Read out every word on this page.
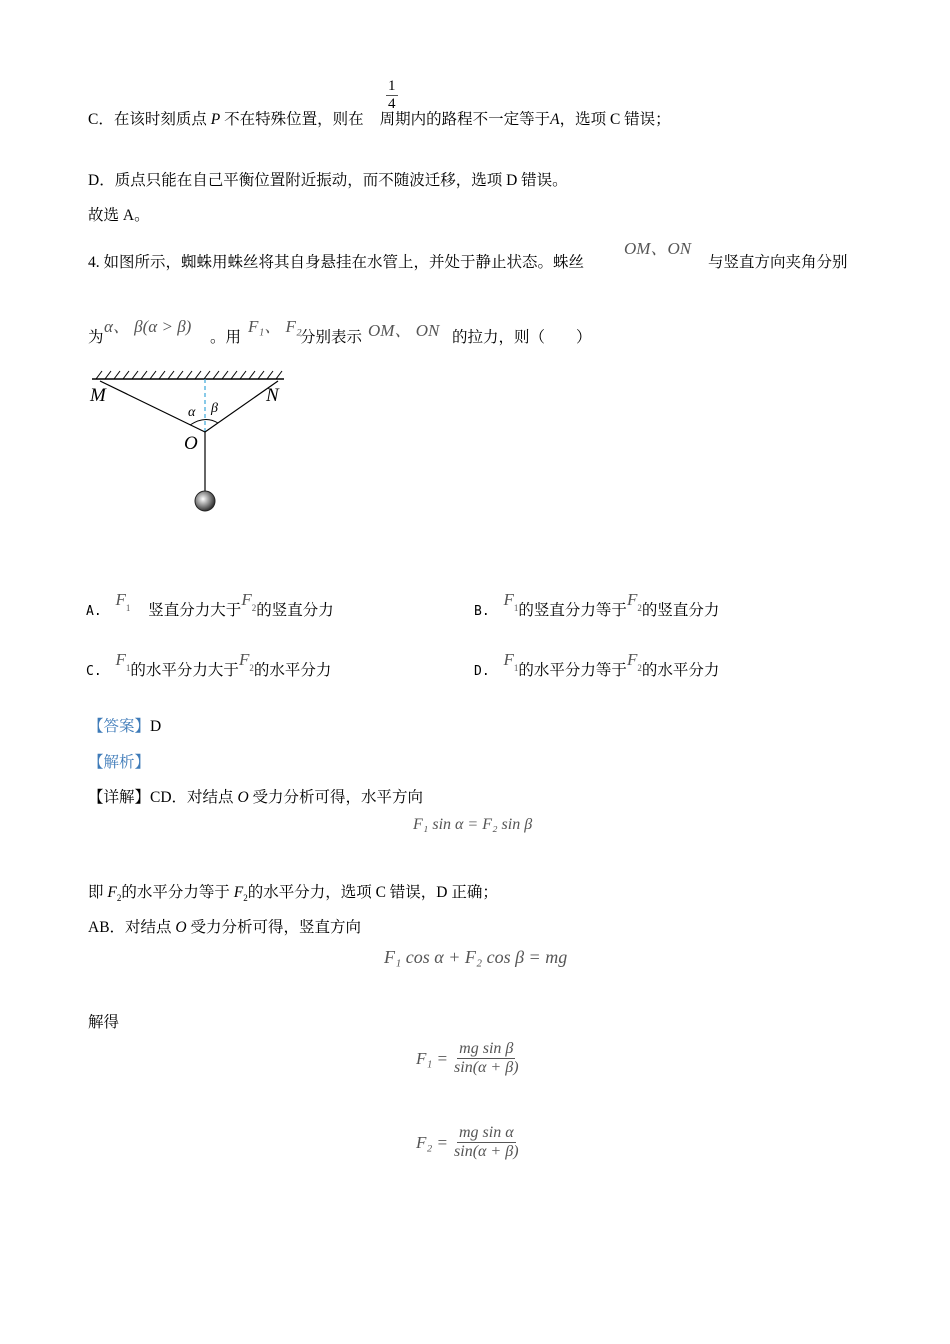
$\frac{1}{4}$
C．在该时刻质点 P 不在特殊位置，则在 周期内的路程不一定等于A，选项 C 错误；
D．质点只能在自己平衡位置附近振动，而不随波迁移，选项 D 错误。
故选 A。
4. 如图所示，蜘蛛用蛛丝将其自身悬挂在水管上，并处于静止状态。蛛丝
OM、ON
与竖直方向夹角分别
为
α、 β(α > β)
。用
F₁、 F₂
分别表示 OM、 ON 的拉力，则（　　）
M	N
O
α β
A. $F_1$ 竖直分力大于$F_2$的竖直分力	B. $F_1$的竖直分力等于$F_2$的竖直分力
C. $F_1$的水平分力大于$F_2$的水平分力	D. $F_1$的水平分力等于$F_2$的水平分力
【答案】D
【解析】
【详解】CD．对结点 O 受力分析可得，水平方向
F₁ sin α = F₂ sin β
即 $F_2$的水平分力等于 $F_2$的水平分力，选项 C 错误，D 正确；
AB．对结点 O 受力分析可得，竖直方向
F₁ cos α + F₂ cos β = mg
解得
$F_1 = \frac{\text{mg sin β}}{\sin(\alpha + \beta)}$
$F_2 = \frac{\text{mg sin α}}{\sin(\alpha + \beta)}$
